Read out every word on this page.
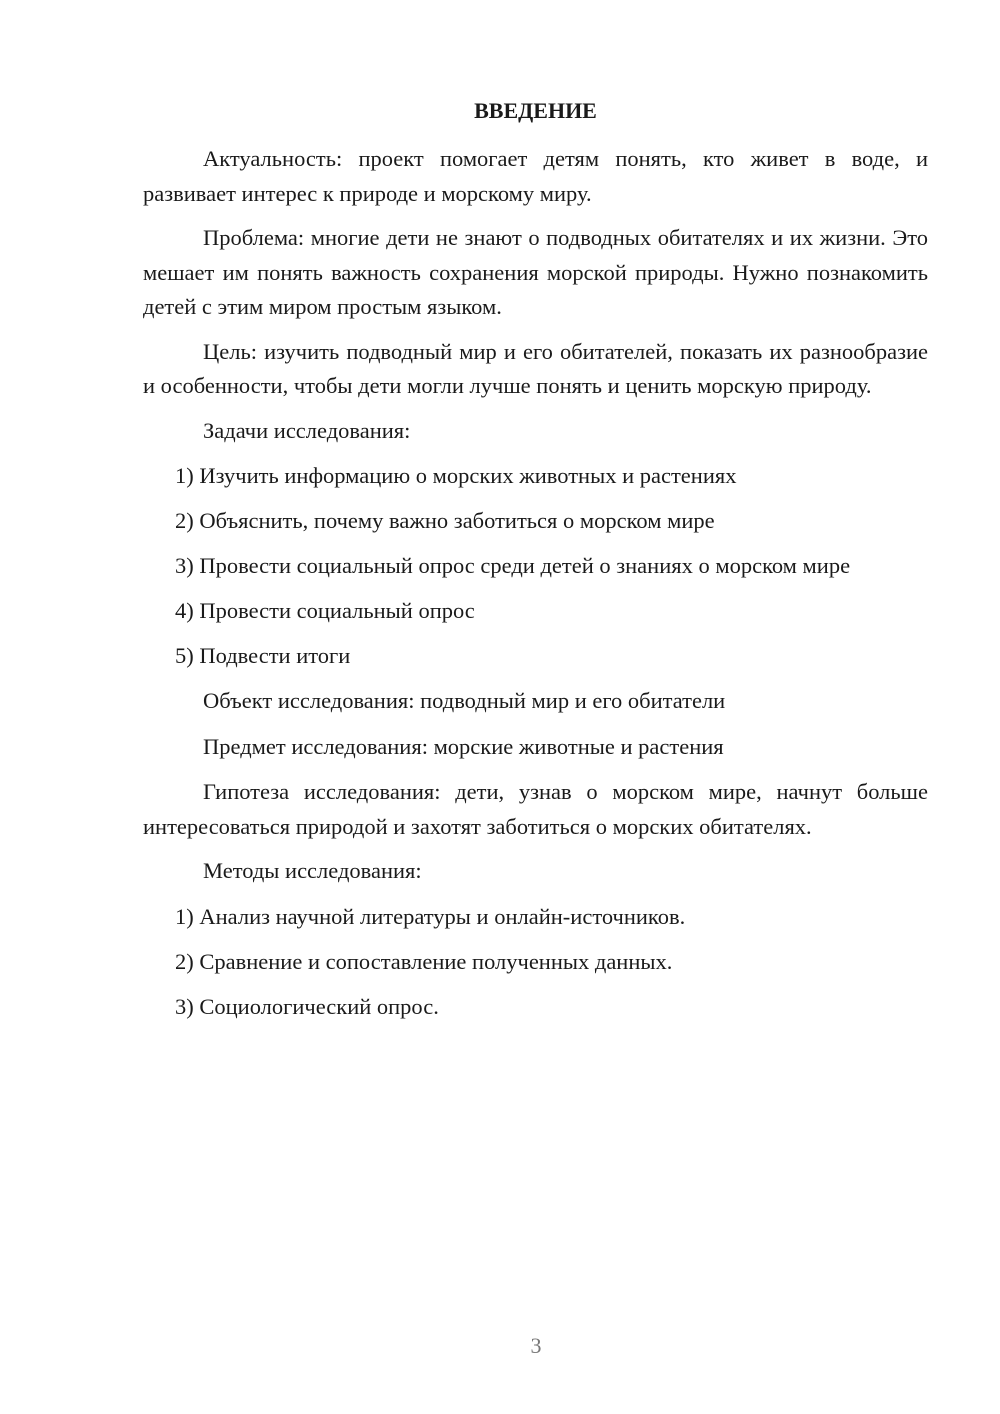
ВВЕДЕНИЕ

Актуальность: проект помогает детям понять, кто живет в воде, и развивает интерес к природе и морскому миру.

Проблема: многие дети не знают о подводных обитателях и их жизни. Это мешает им понять важность сохранения морской природы. Нужно познакомить детей с этим миром простым языком.

Цель: изучить подводный мир и его обитателей, показать их разнообразие и особенности, чтобы дети могли лучше понять и ценить морскую природу.

Задачи исследования:

1) Изучить информацию о морских животных и растениях

2) Объяснить, почему важно заботиться о морском мире

3) Провести социальный опрос среди детей о знаниях о морском мире

4) Провести социальный опрос

5) Подвести итоги

Объект исследования: подводный мир и его обитатели

Предмет исследования: морские животные и растения

Гипотеза исследования: дети, узнав о морском мире, начнут больше интересоваться природой и захотят заботиться о морских обитателях.

Методы исследования:

1) Анализ научной литературы и онлайн-источников.

2) Сравнение и сопоставление полученных данных.

3) Социологический опрос.

3
